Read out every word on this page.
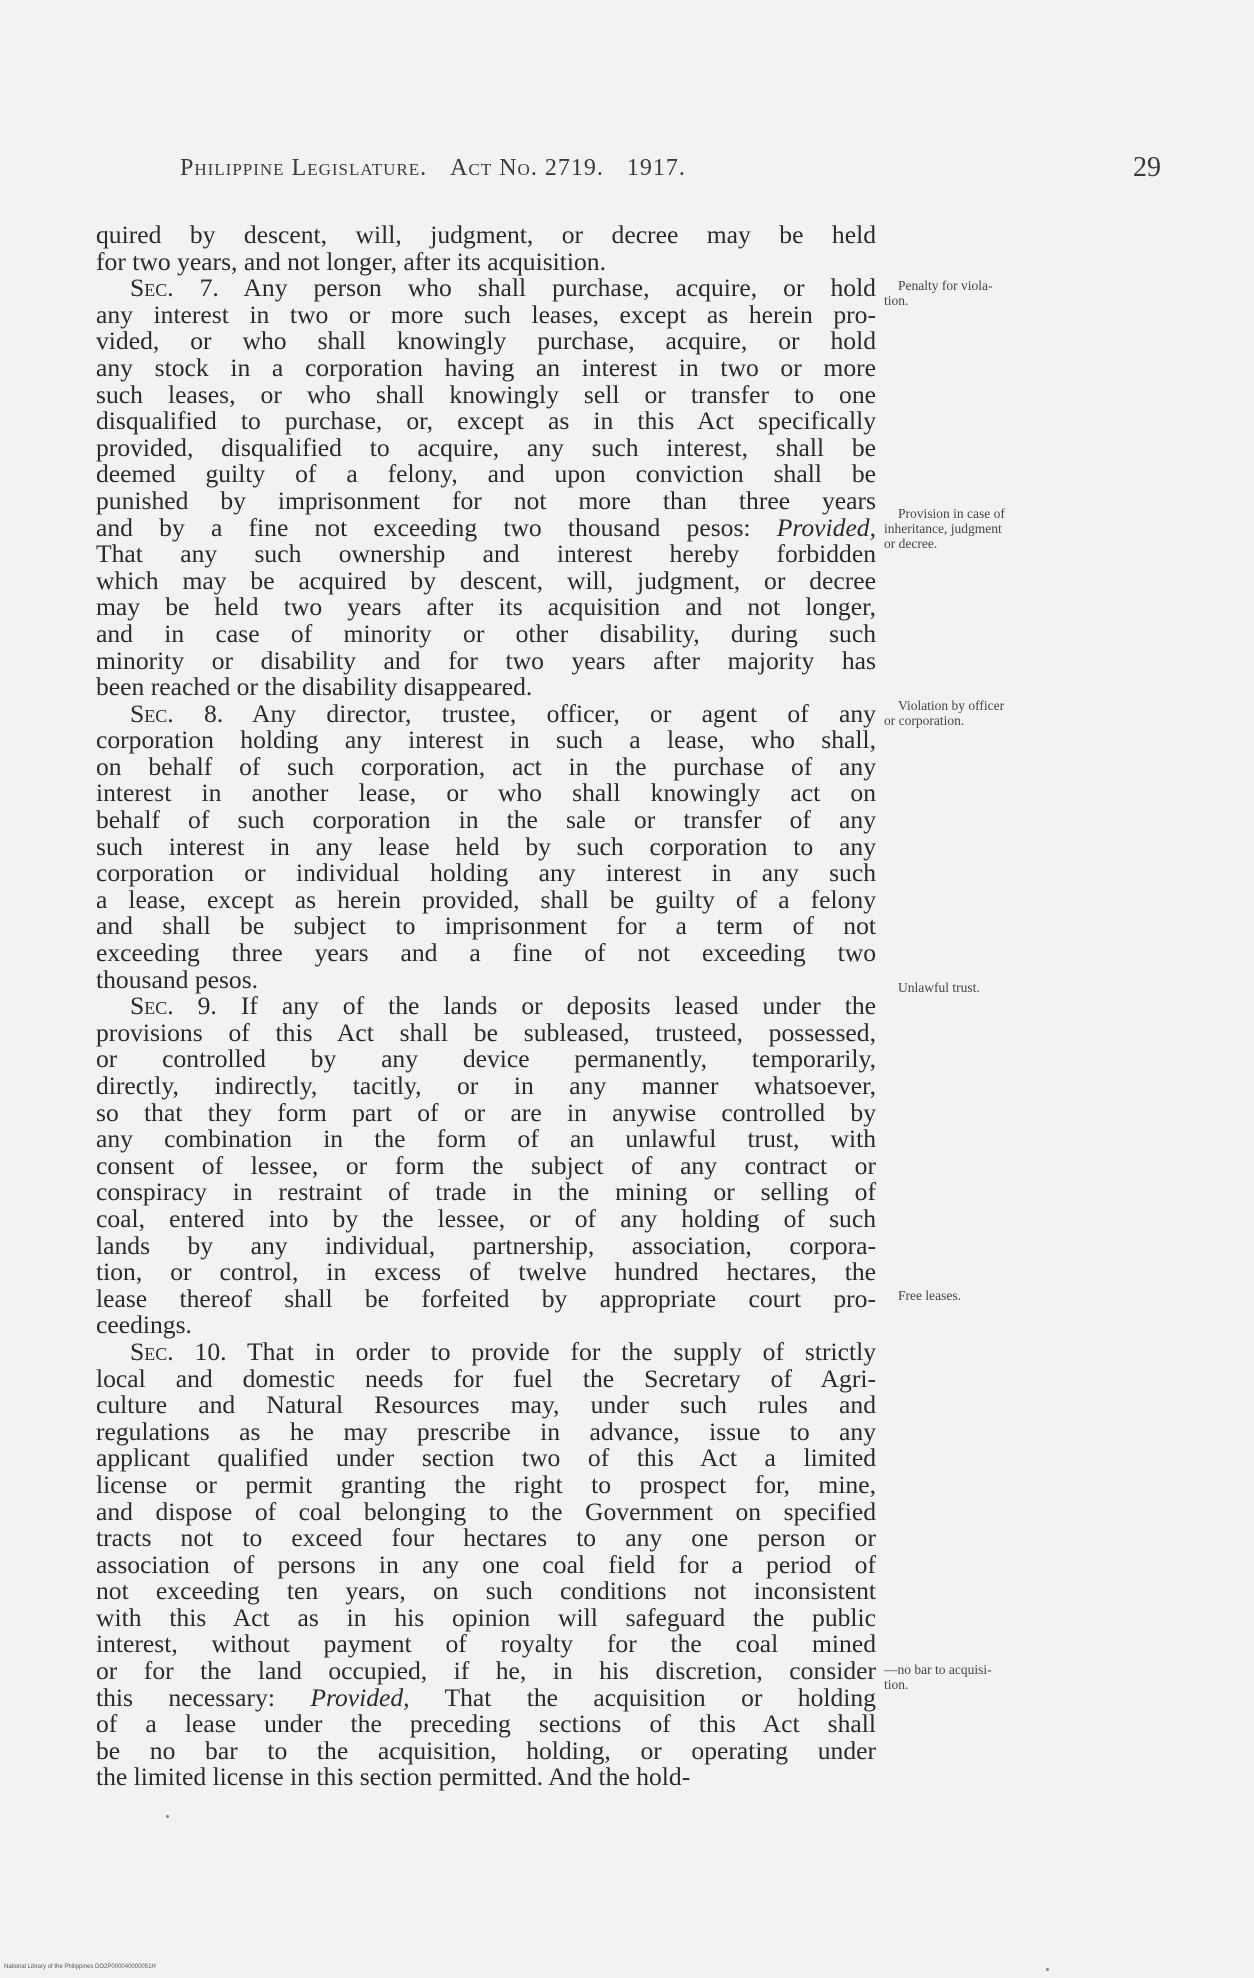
Philippine Legislature. Act No. 2719. 1917.	29
quired by descent, will, judgment, or decree may be held
for two years, and not longer, after its acquisition.
Sec. 7. Any person who shall purchase, acquire, or hold
any interest in two or more such leases, except as herein pro-
vided, or who shall knowingly purchase, acquire, or hold
any stock in a corporation having an interest in two or more
such leases, or who shall knowingly sell or transfer to one
disqualified to purchase, or, except as in this Act specifically
provided, disqualified to acquire, any such interest, shall be
deemed guilty of a felony, and upon conviction shall be
punished by imprisonment for not more than three years
and by a fine not exceeding two thousand pesos: Provided,
That any such ownership and interest hereby forbidden
which may be acquired by descent, will, judgment, or decree
may be held two years after its acquisition and not longer,
and in case of minority or other disability, during such
minority or disability and for two years after majority has
been reached or the disability disappeared.
Sec. 8. Any director, trustee, officer, or agent of any
corporation holding any interest in such a lease, who shall,
on behalf of such corporation, act in the purchase of any
interest in another lease, or who shall knowingly act on
behalf of such corporation in the sale or transfer of any
such interest in any lease held by such corporation to any
corporation or individual holding any interest in any such
a lease, except as herein provided, shall be guilty of a felony
and shall be subject to imprisonment for a term of not
exceeding three years and a fine of not exceeding two
thousand pesos.
Sec. 9. If any of the lands or deposits leased under the
provisions of this Act shall be subleased, trusteed, possessed,
or controlled by any device permanently, temporarily,
directly, indirectly, tacitly, or in any manner whatsoever,
so that they form part of or are in anywise controlled by
any combination in the form of an unlawful trust, with
consent of lessee, or form the subject of any contract or
conspiracy in restraint of trade in the mining or selling of
coal, entered into by the lessee, or of any holding of such
lands by any individual, partnership, association, corpora-
tion, or control, in excess of twelve hundred hectares, the
lease thereof shall be forfeited by appropriate court pro-
ceedings.
Sec. 10. That in order to provide for the supply of strictly
local and domestic needs for fuel the Secretary of Agri-
culture and Natural Resources may, under such rules and
regulations as he may prescribe in advance, issue to any
applicant qualified under section two of this Act a limited
license or permit granting the right to prospect for, mine,
and dispose of coal belonging to the Government on specified
tracts not to exceed four hectares to any one person or
association of persons in any one coal field for a period of
not exceeding ten years, on such conditions not inconsistent
with this Act as in his opinion will safeguard the public
interest, without payment of royalty for the coal mined
or for the land occupied, if he, in his discretion, consider
this necessary: Provided, That the acquisition or holding
of a lease under the preceding sections of this Act shall
be no bar to the acquisition, holding, or operating under
the limited license in this section permitted. And the hold-
Penalty for viola-
tion.
Provision in case of
inheritance, judgment
or decree.
Violation by officer
or corporation.
Unlawful trust.
Free leases.
—no bar to acquisi-
tion.
National Library of the Philippines DO2P000040000051H
